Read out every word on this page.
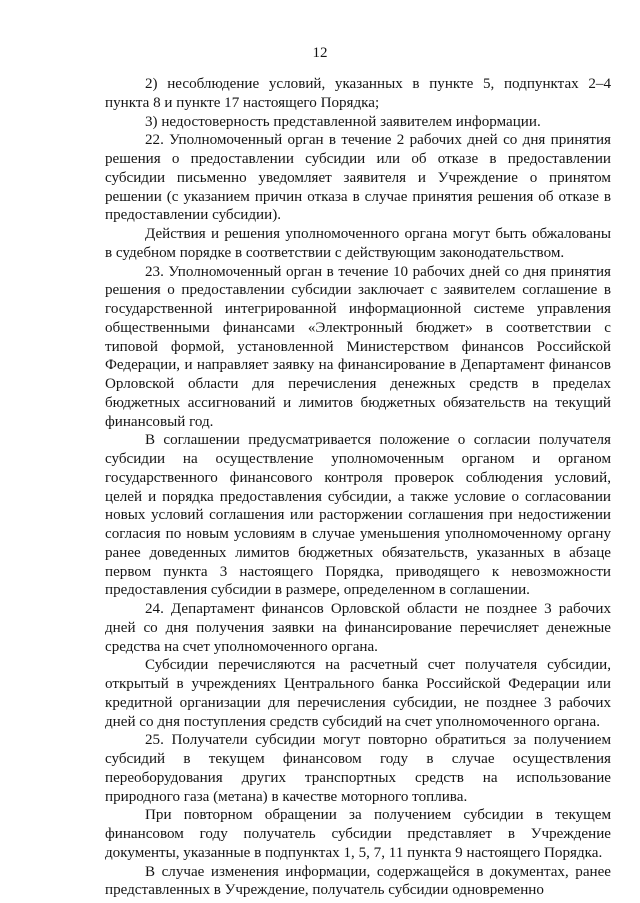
12

2) несоблюдение условий, указанных в пункте 5, подпунктах 2–4 пункта 8 и пункте 17 настоящего Порядка;

3) недостоверность представленной заявителем информации.

22. Уполномоченный орган в течение 2 рабочих дней со дня принятия решения о предоставлении субсидии или об отказе в предоставлении субсидии письменно уведомляет заявителя и Учреждение о принятом решении (с указанием причин отказа в случае принятия решения об отказе в предоставлении субсидии).

Действия и решения уполномоченного органа могут быть обжалованы в судебном порядке в соответствии с действующим законодательством.

23. Уполномоченный орган в течение 10 рабочих дней со дня принятия решения о предоставлении субсидии заключает с заявителем соглашение в государственной интегрированной информационной системе управления общественными финансами «Электронный бюджет» в соответствии с типовой формой, установленной Министерством финансов Российской Федерации, и направляет заявку на финансирование в Департамент финансов Орловской области для перечисления денежных средств в пределах бюджетных ассигнований и лимитов бюджетных обязательств на текущий финансовый год.

В соглашении предусматривается положение о согласии получателя субсидии на осуществление уполномоченным органом и органом государственного финансового контроля проверок соблюдения условий, целей и порядка предоставления субсидии, а также условие о согласовании новых условий соглашения или расторжении соглашения при недостижении согласия по новым условиям в случае уменьшения уполномоченному органу ранее доведенных лимитов бюджетных обязательств, указанных в абзаце первом пункта 3 настоящего Порядка, приводящего к невозможности предоставления субсидии в размере, определенном в соглашении.

24. Департамент финансов Орловской области не позднее 3 рабочих дней со дня получения заявки на финансирование перечисляет денежные средства на счет уполномоченного органа.

Субсидии перечисляются на расчетный счет получателя субсидии, открытый в учреждениях Центрального банка Российской Федерации или кредитной организации для перечисления субсидии, не позднее 3 рабочих дней со дня поступления средств субсидий на счет уполномоченного органа.

25. Получатели субсидии могут повторно обратиться за получением субсидий в текущем финансовом году в случае осуществления переоборудования других транспортных средств на использование природного газа (метана) в качестве моторного топлива.

При повторном обращении за получением субсидии в текущем финансовом году получатель субсидии представляет в Учреждение документы, указанные в подпунктах 1, 5, 7, 11 пункта 9 настоящего Порядка.

В случае изменения информации, содержащейся в документах, ранее представленных в Учреждение, получатель субсидии одновременно
